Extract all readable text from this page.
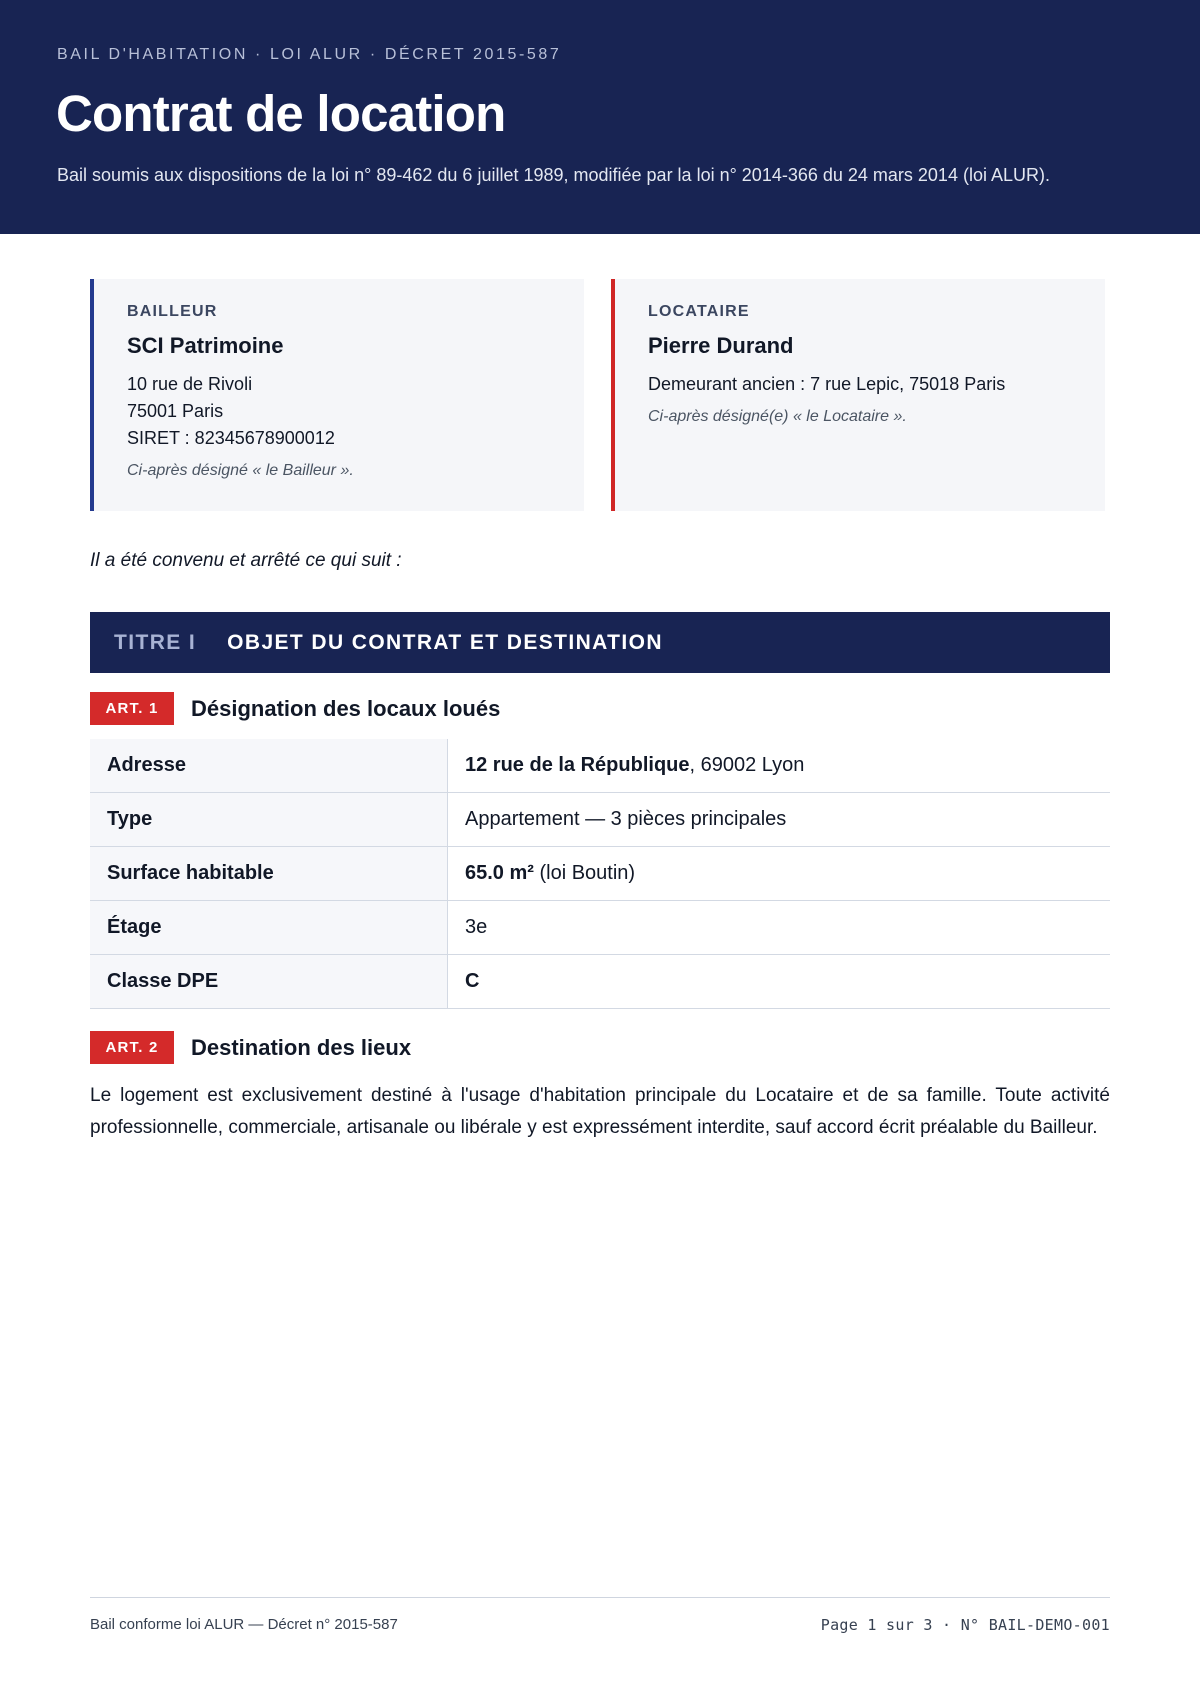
BAIL D'HABITATION · LOI ALUR · DÉCRET 2015-587
Contrat de location
Bail soumis aux dispositions de la loi n° 89-462 du 6 juillet 1989, modifiée par la loi n° 2014-366 du 24 mars 2014 (loi ALUR).
BAILLEUR
SCI Patrimoine
10 rue de Rivoli
75001 Paris
SIRET : 82345678900012
Ci-après désigné « le Bailleur ».
LOCATAIRE
Pierre Durand
Demeurant ancien : 7 rue Lepic, 75018 Paris
Ci-après désigné(e) « le Locataire ».
Il a été convenu et arrêté ce qui suit :
TITRE I OBJET DU CONTRAT ET DESTINATION
ART. 1	Désignation des locaux loués
Adresse	12 rue de la République, 69002 Lyon
Type	Appartement — 3 pièces principales
Surface habitable	65.0 m² (loi Boutin)
Étage	3e
Classe DPE	C
ART. 2	Destination des lieux
Le logement est exclusivement destiné à l'usage d'habitation principale du Locataire et de sa famille. Toute activité professionnelle, commerciale, artisanale ou libérale y est expressément interdite, sauf accord écrit préalable du Bailleur.
Bail conforme loi ALUR — Décret n° 2015-587	Page 1 sur 3 · N° BAIL-DEMO-001
